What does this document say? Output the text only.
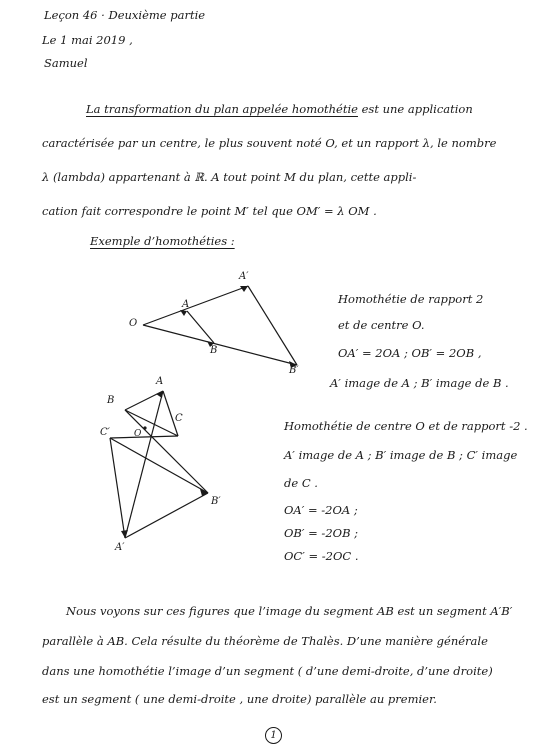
Leçon 46 · Deuxième partie
Le 1 mai 2019 ,
Samuel
La transformation du plan appelée homothétie est une application
caractérisée par un centre, le plus souvent noté O, et un rapport λ, le nombre
λ (lambda) appartenant à ℝ. A tout point M du plan, cette appli-
cation fait correspondre le point M′ tel que OM′ = λ OM .
Exemple d’homothéties :
O
A
B
A′
B′
Homothétie de rapport 2
et de centre O.
OA′ = 2OA ; OB′ = 2OB ,
A′ image de A ; B′ image de B .
A
B
C
O
C′
B′
A′
Homothétie de centre O et de rapport -2 .
A′ image de A ; B′ image de B ; C′ image
de C .
OA′ = -2OA ;
OB′ = -2OB ;
OC′ = -2OC .
Nous voyons sur ces figures que l’image du segment AB est un segment A′B′
parallèle à AB. Cela résulte du théorème de Thalès. D’une manière générale
dans une homothétie l’image d’un segment ( d’une demi-droite, d’une droite)
est un segment ( une demi-droite , une droite) parallèle au premier.
1
